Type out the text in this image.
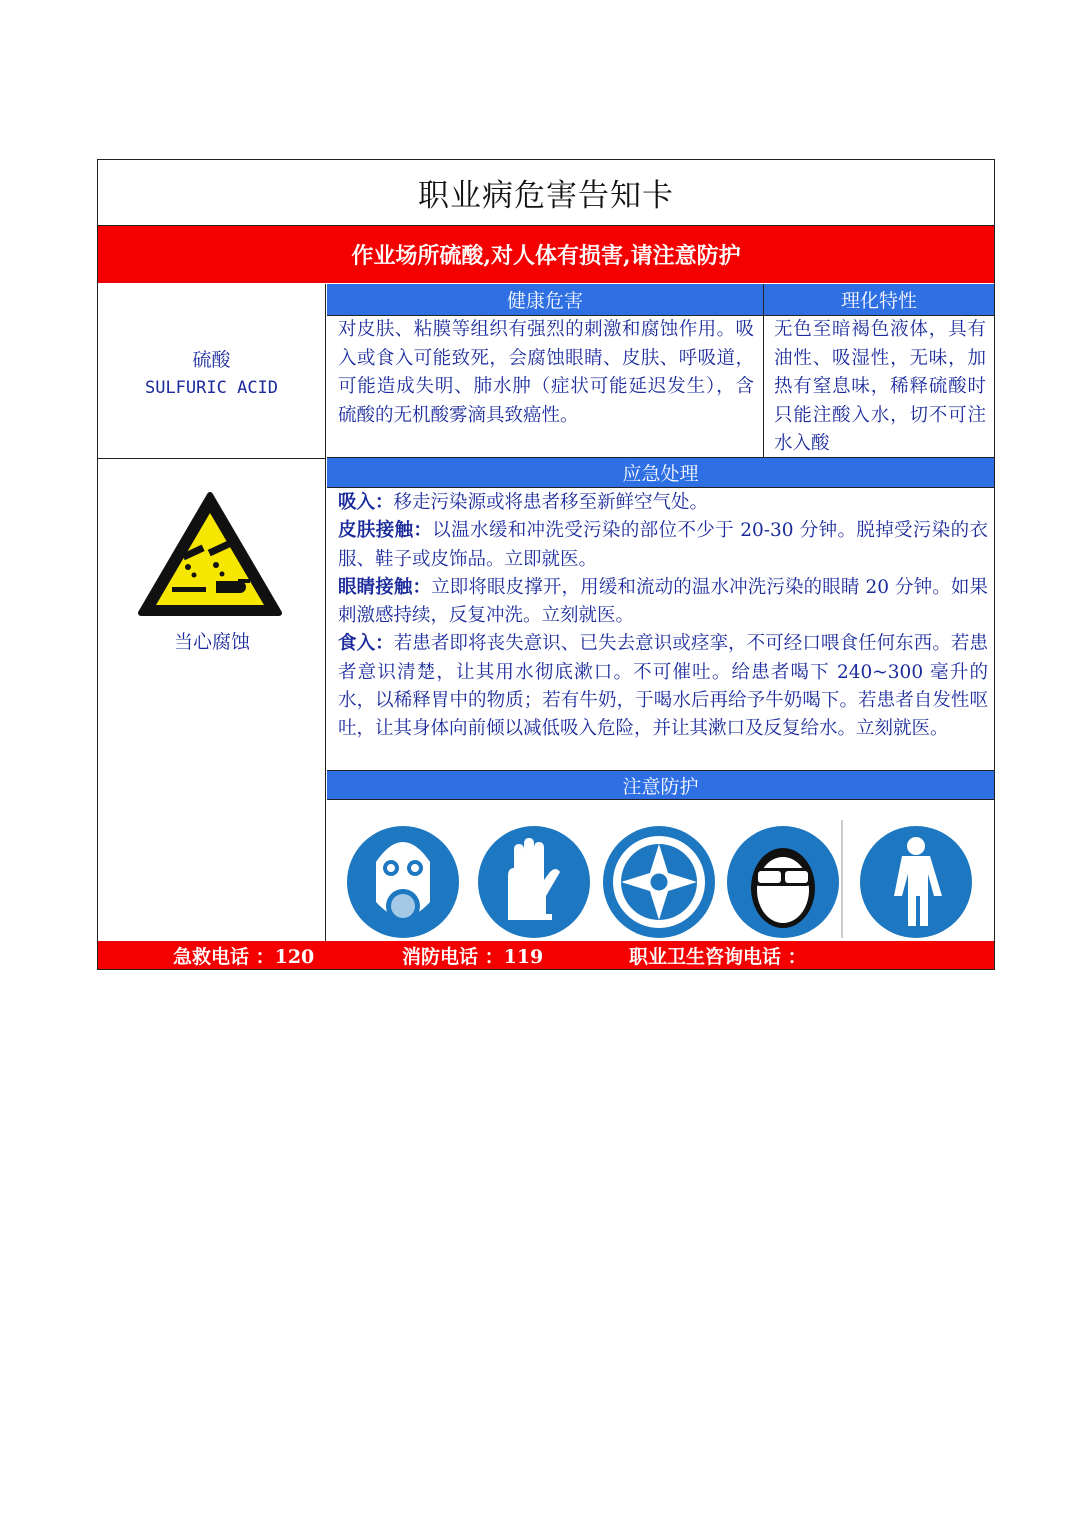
职业病危害告知卡
作业场所硫酸,对人体有损害,请注意防护
硫酸
SULFURIC ACID
健康危害	理化特性
对皮肤、粘膜等组织有强烈的刺激和腐蚀作用。吸入或食入可能致死，会腐蚀眼睛、皮肤、呼吸道，可能造成失明、肺水肿（症状可能延迟发生），含硫酸的无机酸雾滴具致癌性。
无色至暗褐色液体，具有油性、吸湿性，无味，加热有窒息味，稀释硫酸时只能注酸入水，切不可注水入酸
当心腐蚀
应急处理

吸入：移走污染源或将患者移至新鲜空气处。

皮肤接触：以温水缓和冲洗受污染的部位不少于 20-30 分钟。脱掉受污染的衣服、鞋子或皮饰品。立即就医。

眼睛接触：立即将眼皮撑开，用缓和流动的温水冲洗污染的眼睛 20 分钟。如果刺激感持续，反复冲洗。立刻就医。

食入：若患者即将丧失意识、已失去意识或痉挛，不可经口喂食任何东西。若患者意识清楚，让其用水彻底漱口。不可催吐。给患者喝下 240~300 毫升的水，以稀释胃中的物质；若有牛奶，于喝水后再给予牛奶喝下。若患者自发性呕吐，让其身体向前倾以减低吸入危险，并让其漱口及反复给水。立刻就医。

注意防护
急救电话 ：120	消防电话 ：119	职业卫生咨询电话 ：
